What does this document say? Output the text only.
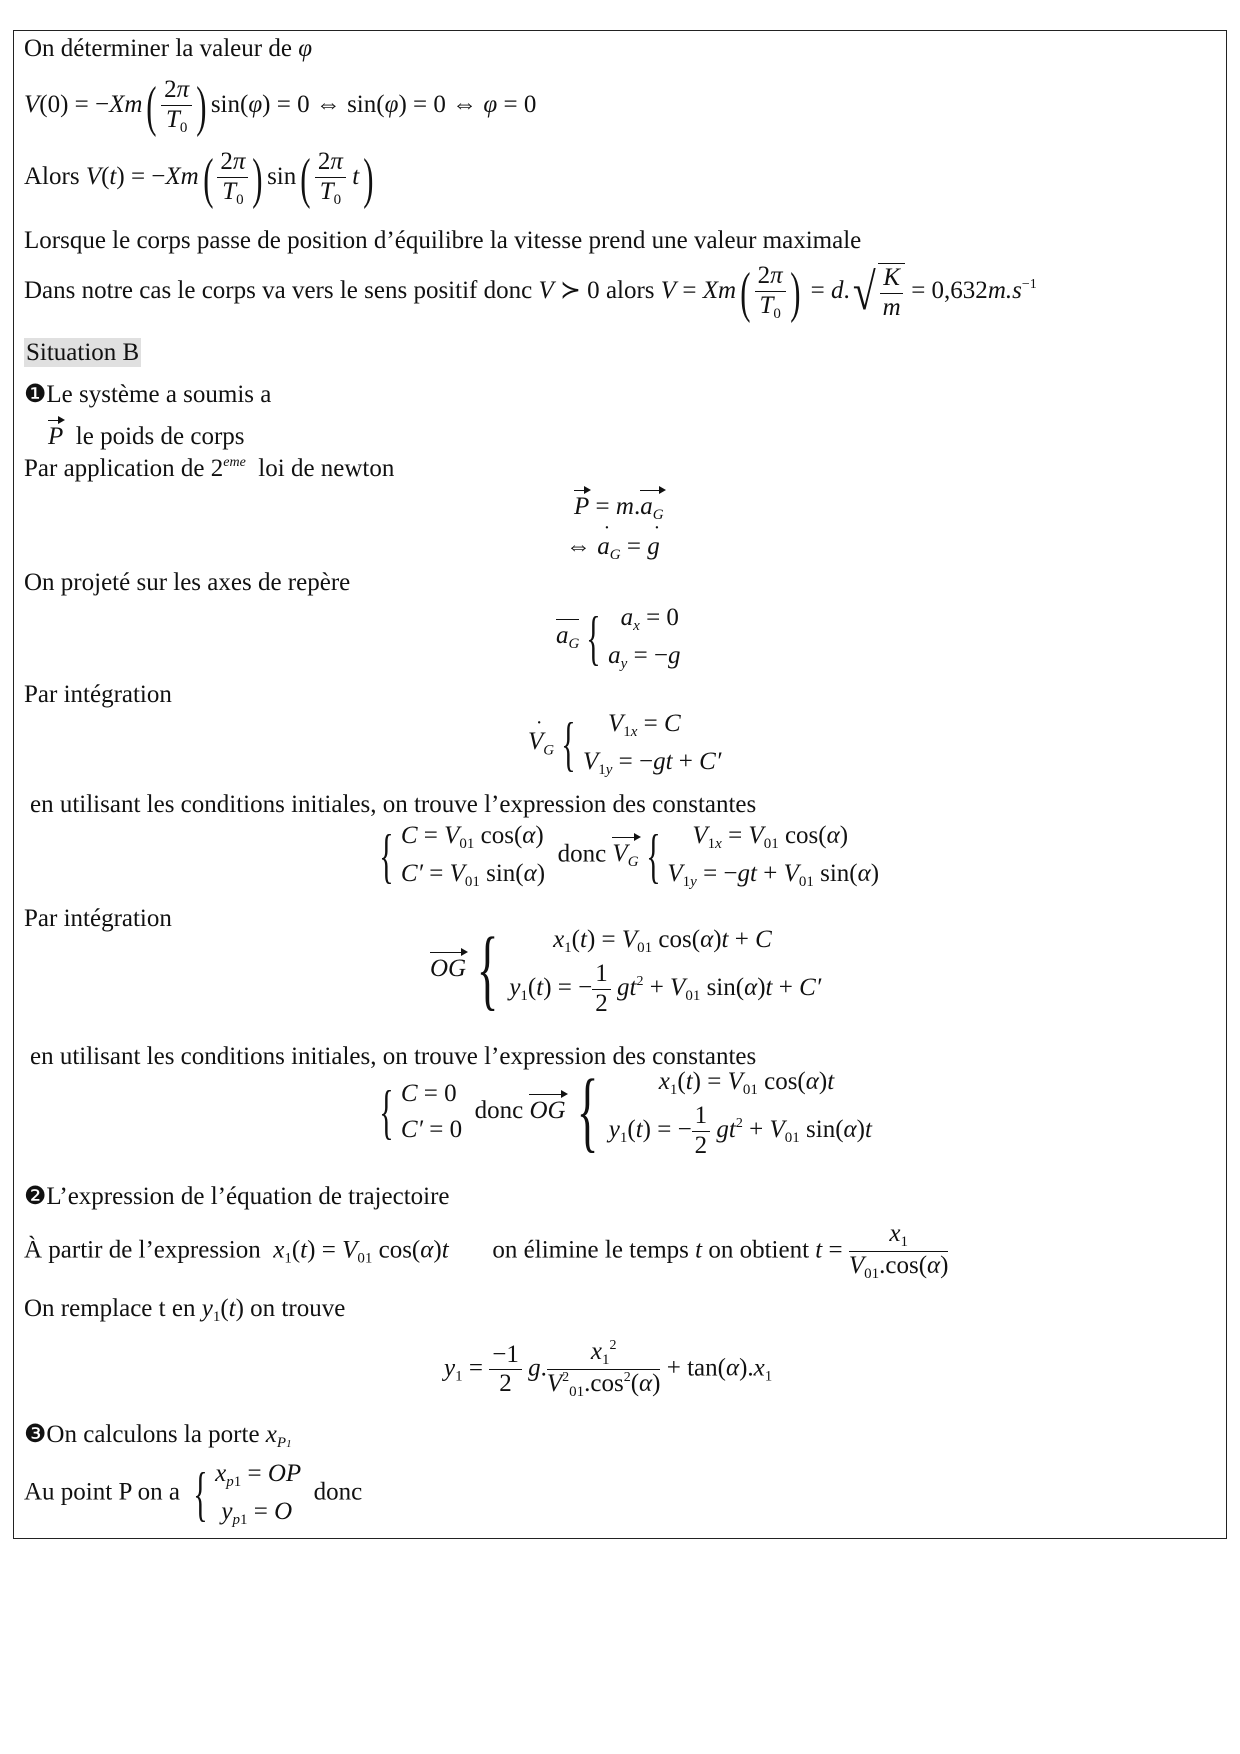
On déterminer la valeur de φ
$V(0) = -Xm( \frac{2\pi}{T_0}$ ) sin(φ) = 0 ⇔ sin(φ) = 0 ⇔ φ = 0
Alors $V(t) = -Xm( \frac{2\pi}{T_0}$ ) $\sin( \frac{2\pi}{T_0} t)$
Lorsque le corps passe de position d’équilibre la vitesse prend une valeur maximale
Dans notre cas le corps va vers le sens positif donc V ≻ 0 alors $V = Xm( \frac{2\pi}{T_0}$ ) = $d.√ \frac{K}{m} = 0,632m.s^{-1}$
Situation B
❶Le système a soumis a
P le poids de corps
Par application de 2eme loi de newton
$P = m.a_G$
⇔ $a \cdot_G = g$ ·
On projeté sur les axes de repère
$a_G$ { $a_x = 0$
$a_y = -g$
Par intégration
$V \cdot_G$ {	$V_{1x} = C$
$V_{1y} = -gt + C'$
en utilisant les conditions initiales, on trouve l’expression des constantes
{ $C = V_{01}$ cos(α)
$C' = V_{01}$ sin(α)
donc $V_G$ {	$V_{1x} = V_{01}$ cos(α)
$V_{1y} = -gt + V_{01}$ sin(α)
Par intégration
OG {	$x_1(t) = V_{01}$ cos(α)t + C
$y_1(t)$ = − $\frac{1}{2} gt^2 + V_{01}$ sin(α)t + C′
en utilisant les conditions initiales, on trouve l’expression des constantes
{ C = 0
C′ = 0
donc OG {	$x_1(t) = V_{01}$ cos(α)t
$y_1(t)$ = − $\frac{1}{2} gt^2 + V_{01}$ sin(α)t
❷L’expression de l’équation de trajectoire
À partir de l’expression $x_1(t) = V_{01}$ cos(α)t on élimine le temps t on obtient $t = \frac{x_1}{V_{01}.\cos(\alpha)}$
On remplace t en $y_1(t)$ on trouve
$y_1 = \frac{-1}{2} g$. $\frac{x_1^2}{V^2_{01}.\cos^2(\alpha)} + \tan(\alpha).x_1$
❸On calculons la porte $x_{P1}$
Au point P on a { $x_{p1}$ = OP
$y_{p1} = O$
donc
